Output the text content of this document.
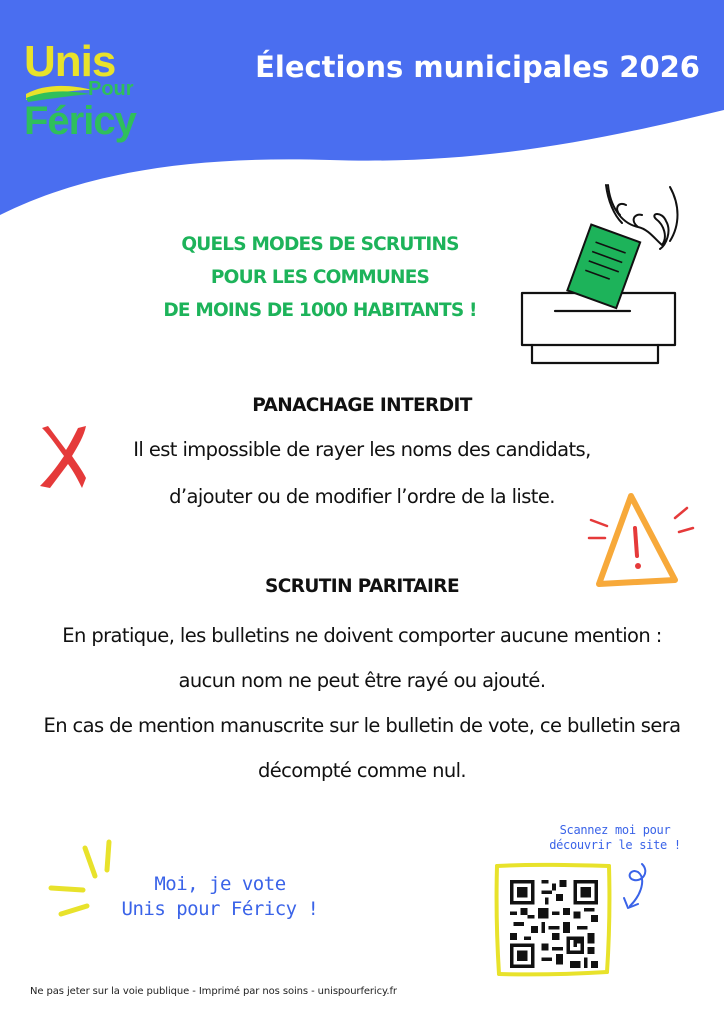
Unis
Pour
Féricy
Élections municipales 2026
QUELS MODES DE SCRUTINS
POUR LES COMMUNES
DE MOINS DE 1000 HABITANTS !
PANACHAGE INTERDIT
Il est impossible de rayer les noms des candidats,
d’ajouter ou de modifier l’ordre de la liste.
SCRUTIN PARITAIRE
En pratique, les bulletins ne doivent comporter aucune mention :
aucun nom ne peut être rayé ou ajouté.
En cas de mention manuscrite sur le bulletin de vote, ce bulletin sera
décompté comme nul.
Moi, je vote
Unis pour Féricy !
Scannez moi pour
découvrir le site !
Ne pas jeter sur la voie publique - Imprimé par nos soins - unispourfericy.fr
